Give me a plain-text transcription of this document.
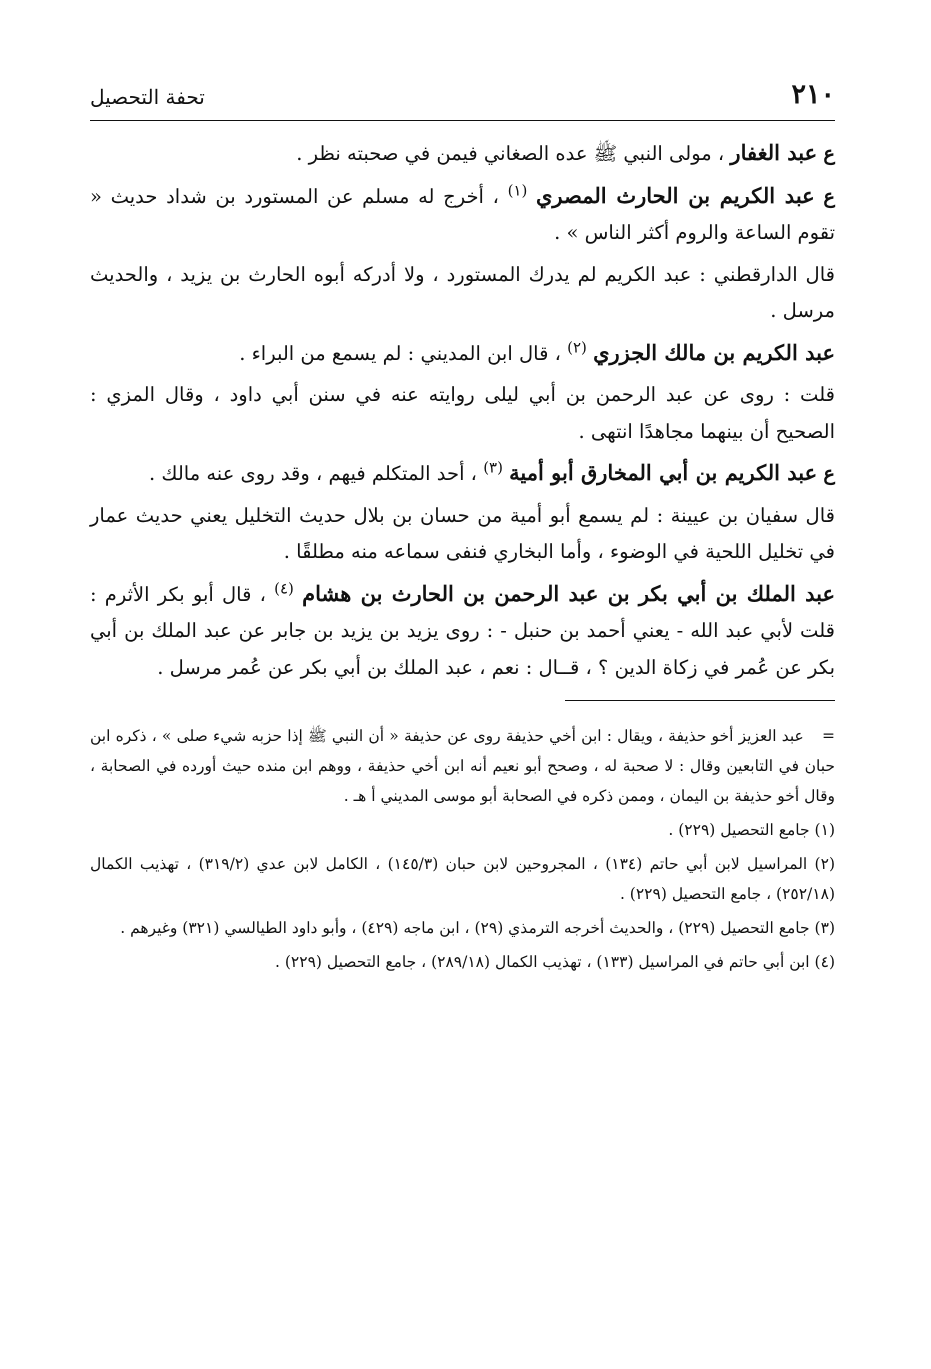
٢١٠
تحفة التحصيل

ع عبد الغفار ، مولى النبي ﷺ عده الصغاني فيمن في صحبته نظر .

ع عبد الكريم بن الحارث المصري $^{(١)}$ ، أخرج له مسلم عن المستورد بن شداد حديث « تقوم الساعة والروم أكثر الناس » .

قال الدارقطني : عبد الكريم لم يدرك المستورد ، ولا أدركه أبوه الحارث بن يزيد ، والحديث مرسل .

عبد الكريم بن مالك الجزري $^{(٢)}$ ، قال ابن المديني : لم يسمع من البراء .

قلت : روى عن عبد الرحمن بن أبي ليلى روايته عنه في سنن أبي داود ، وقال المزي : الصحيح أن بينهما مجاهدًا انتهى .

ع عبد الكريم بن أبي المخارق أبو أمية $^{(٣)}$ ، أحد المتكلم فيهم ، وقد روى عنه مالك .

قال سفيان بن عيينة : لم يسمع أبو أمية من حسان بن بلال حديث التخليل يعني حديث عمار في تخليل اللحية في الوضوء ، وأما البخاري فنفى سماعه منه مطلقًا .

عبد الملك بن أبي بكر بن عبد الرحمن بن الحارث بن هشام $^{(٤)}$ ، قال أبو بكر الأثرم : قلت لأبي عبد الله - يعني أحمد بن حنبل - : روى يزيد بن يزيد بن جابر عن عبد الملك بن أبي بكر عن عُمر في زكاة الدين ؟ ، قــال : نعم ، عبد الملك بن أبي بكر عن عُمر مرسل .

= عبد العزيز أخو حذيفة ، ويقال : ابن أخي حذيفة روى عن حذيفة « أن النبي ﷺ إذا حزبه شيء صلى » ، ذكره ابن حبان في التابعين وقال : لا صحبة له ، وصحح أبو نعيم أنه ابن أخي حذيفة ، ووهم ابن منده حيث أورده في الصحابة ، وقال أخو حذيفة بن اليمان ، وممن ذكره في الصحابة أبو موسى المديني أ هـ .

(١) جامع التحصيل (٢٢٩) .

(٢) المراسيل لابن أبي حاتم (١٣٤) ، المجروحين لابن حبان (١٤٥/٣) ، الكامل لابن عدي (٣١٩/٢) ، تهذيب الكمال (٢٥٢/١٨) ، جامع التحصيل (٢٢٩) .

(٣) جامع التحصيل (٢٢٩) ، والحديث أخرجه الترمذي (٢٩) ، ابن ماجه (٤٢٩) ، وأبو داود الطيالسي (٣٢١) وغيرهم .

(٤) ابن أبي حاتم في المراسيل (١٣٣) ، تهذيب الكمال (٢٨٩/١٨) ، جامع التحصيل (٢٢٩) .
